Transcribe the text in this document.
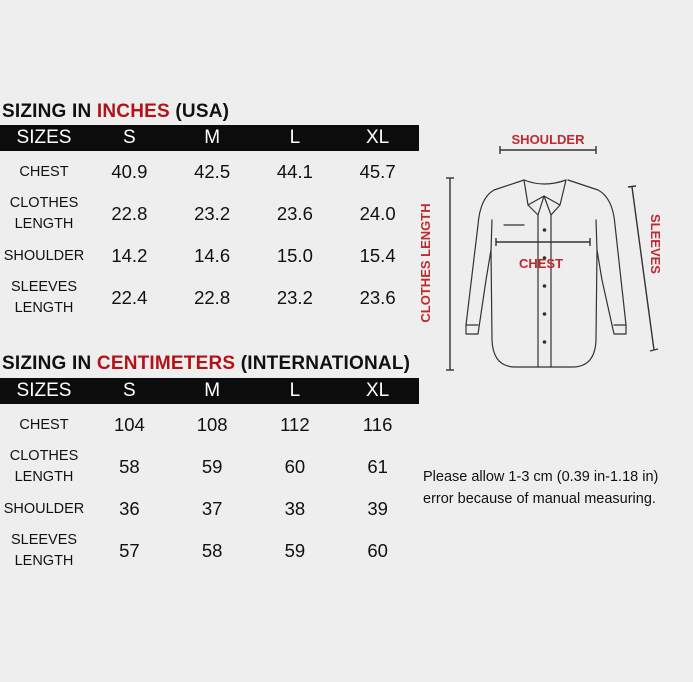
SIZING IN INCHES (USA)
SIZES	S	M	L	XL

CHEST	40.9	42.5	44.1	45.7

CLOTHES
LENGTH	22.8	23.2	23.6	24.0

SHOULDER	14.2	14.6	15.0	15.4

SLEEVES
LENGTH	22.4	22.8	23.2	23.6
SIZING IN CENTIMETERS (INTERNATIONAL)
SIZES	S	M	L	XL

CHEST	104	108	112	116

CLOTHES
LENGTH	58	59	60	61

SHOULDER	36	37	38	39

SLEEVES
LENGTH	57	58	59	60
SHOULDER
CHEST
CLOTHES LENGTH	SLEEVES
Please allow 1-3 cm (0.39 in-1.18 in)
error because of manual measuring.
